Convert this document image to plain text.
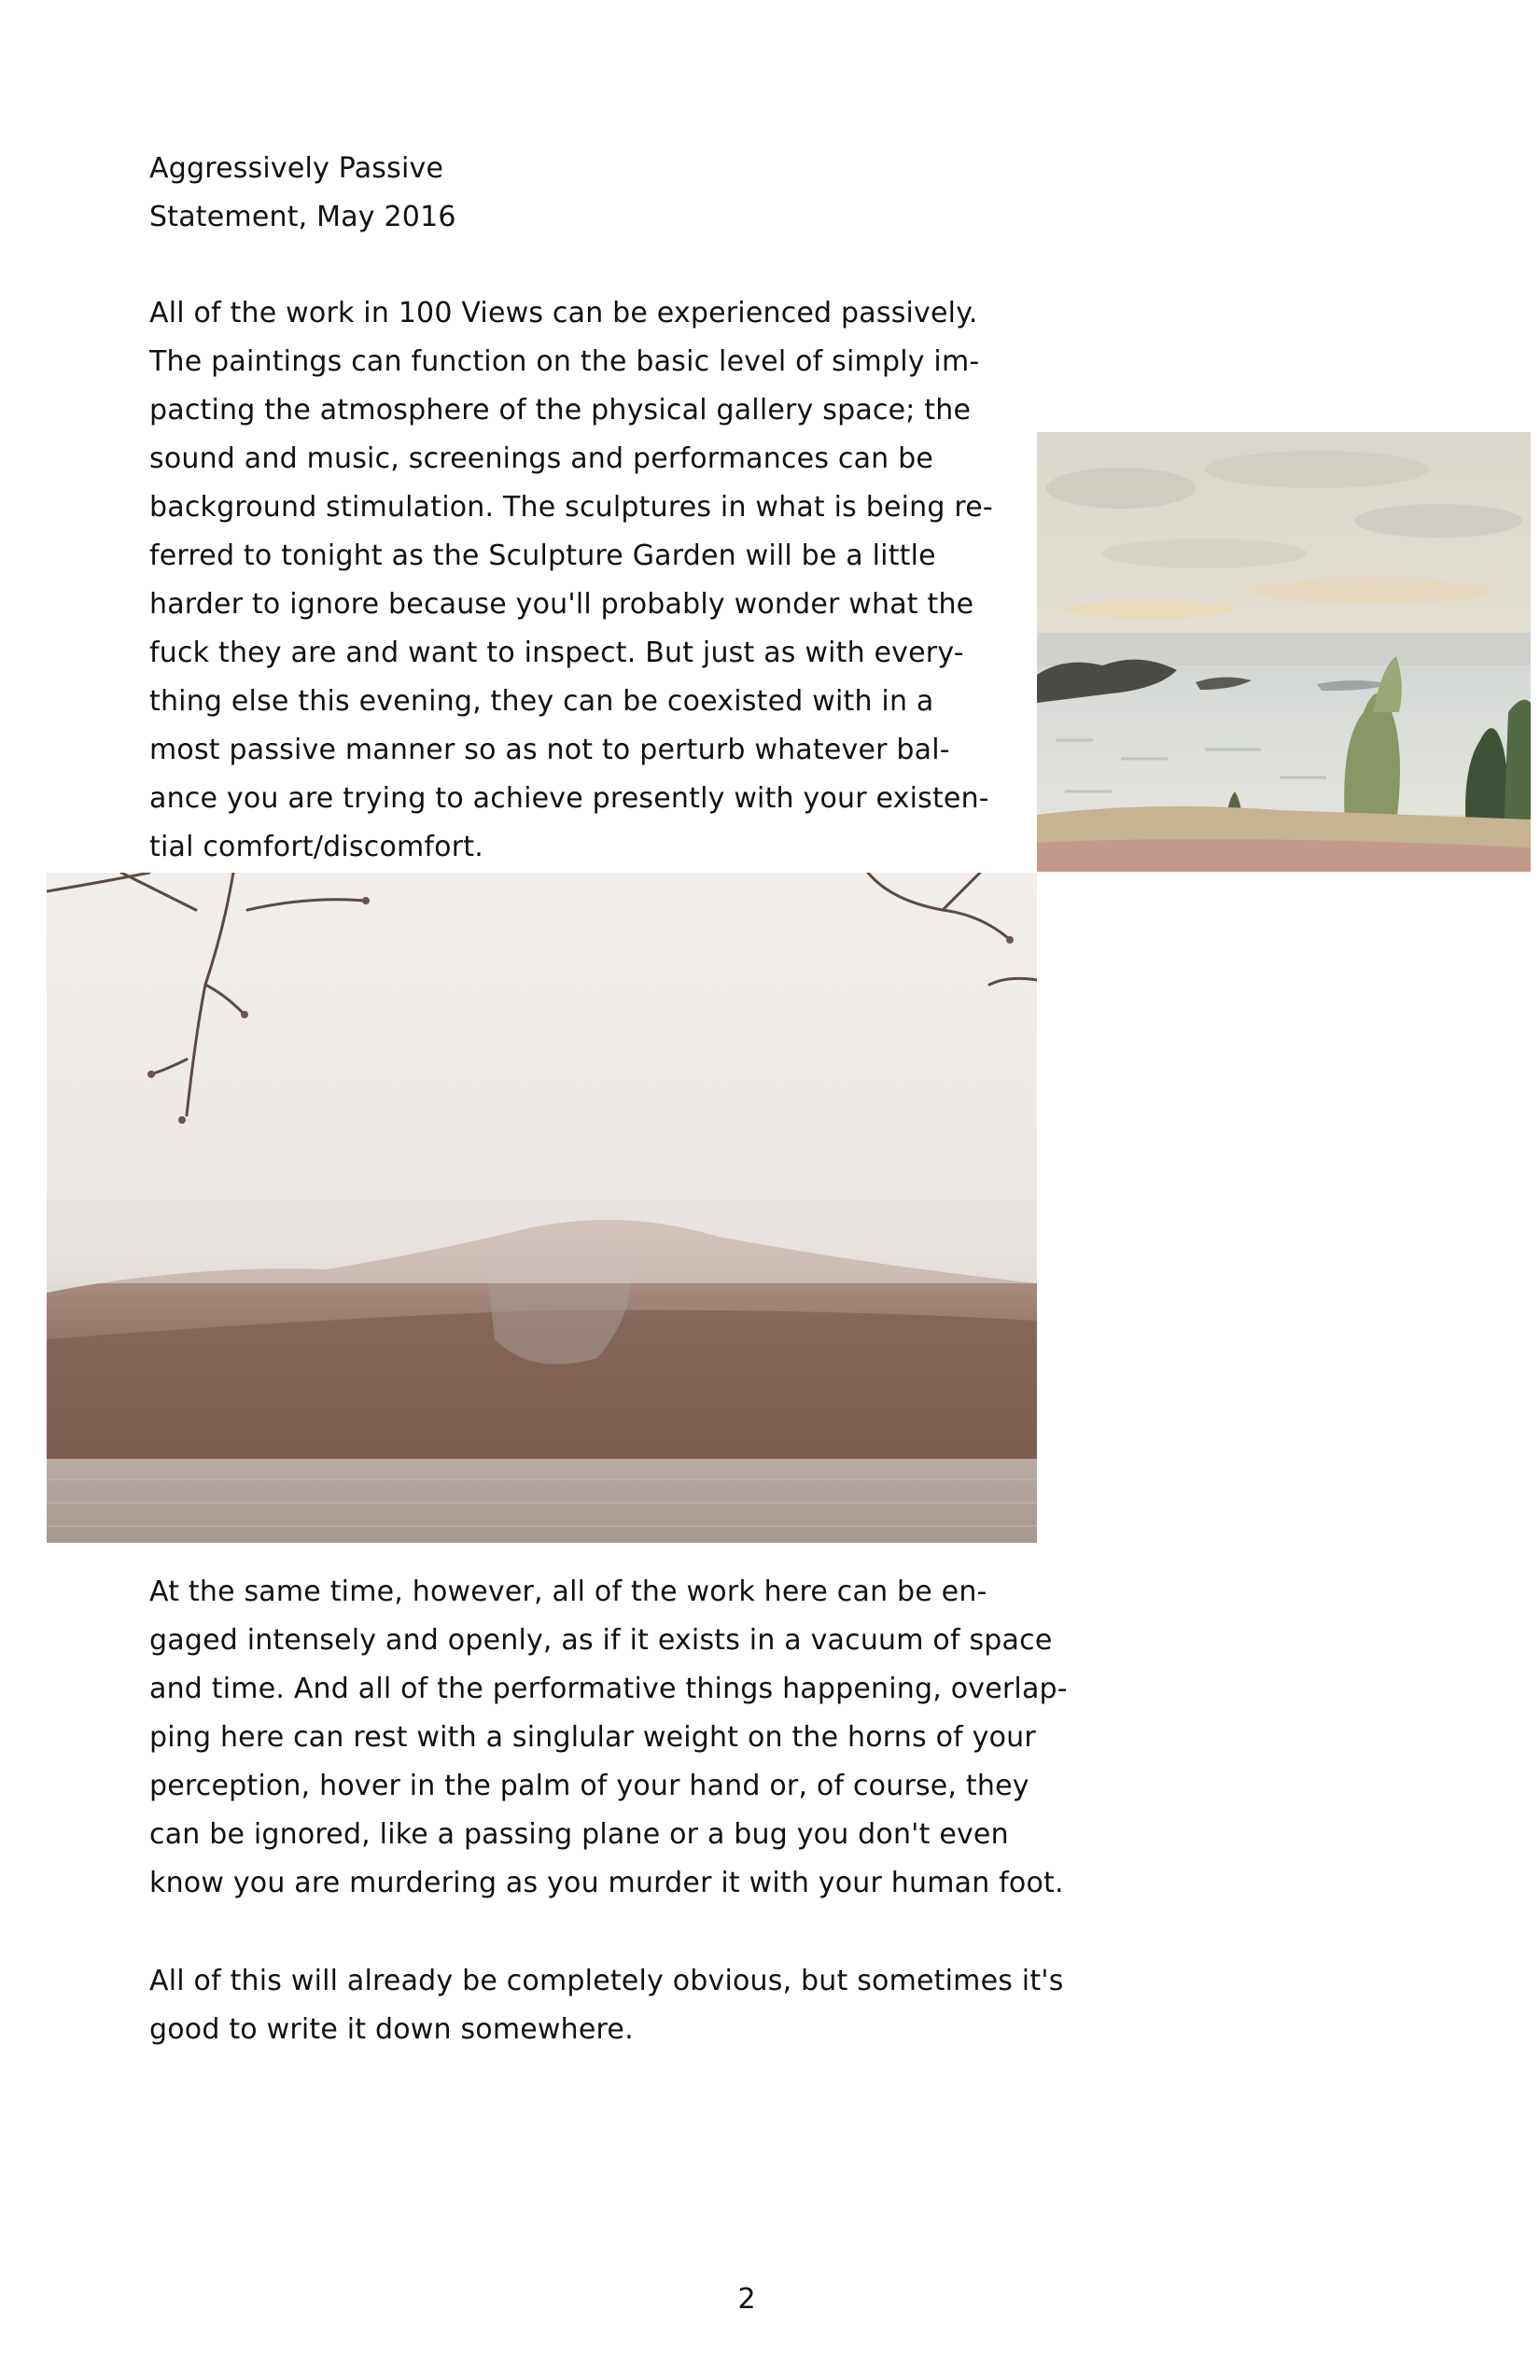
Aggressively Passive
Statement, May 2016
All of the work in 100 Views can be experienced passively.
The paintings can function on the basic level of simply im-
pacting the atmosphere of the physical gallery space; the
sound and music, screenings and performances can be
background stimulation. The sculptures in what is being re-
ferred to tonight as the Sculpture Garden will be a little
harder to ignore because you'll probably wonder what the
fuck they are and want to inspect. But just as with every-
thing else this evening, they can be coexisted with in a
most passive manner so as not to perturb whatever bal-
ance you are trying to achieve presently with your existen-
tial comfort/discomfort.
At the same time, however, all of the work here can be en-
gaged intensely and openly, as if it exists in a vacuum of space
and time. And all of the performative things happening, overlap-
ping here can rest with a singlular weight on the horns of your
perception, hover in the palm of your hand or, of course, they
can be ignored, like a passing plane or a bug you don't even
know you are murdering as you murder it with your human foot.
All of this will already be completely obvious, but sometimes it's
good to write it down somewhere.
2
